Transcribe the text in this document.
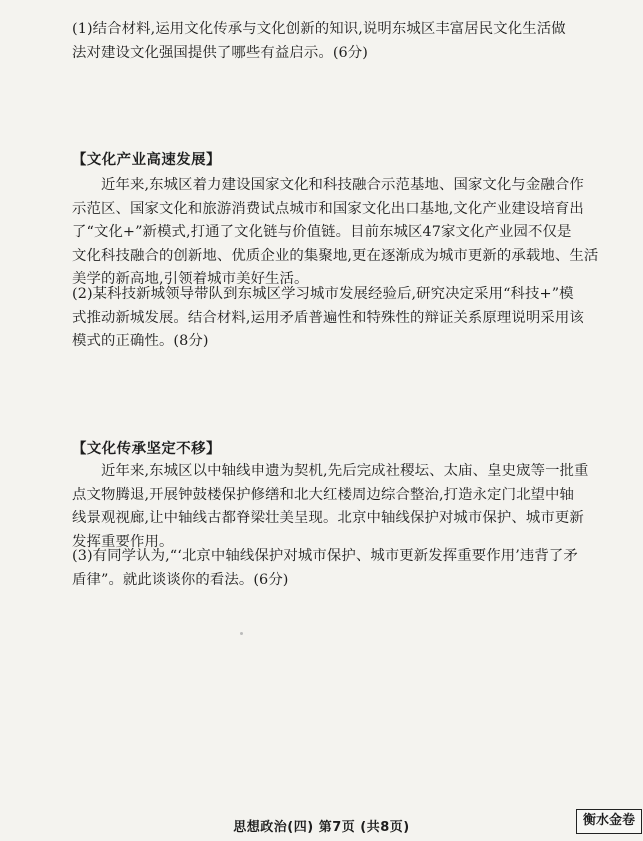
(1)结合材料,运用文化传承与文化创新的知识,说明东城区丰富居民文化生活做
法对建设文化强国提供了哪些有益启示。(6分)
【文化产业高速发展】
近年来,东城区着力建设国家文化和科技融合示范基地、国家文化与金融合作
示范区、国家文化和旅游消费试点城市和国家文化出口基地,文化产业建设培育出
了“文化+”新模式,打通了文化链与价值链。目前东城区47家文化产业园不仅是
文化科技融合的创新地、优质企业的集聚地,更在逐渐成为城市更新的承载地、生活
美学的新高地,引领着城市美好生活。
(2)某科技新城领导带队到东城区学习城市发展经验后,研究决定采用“科技+”模
式推动新城发展。结合材料,运用矛盾普遍性和特殊性的辩证关系原理说明采用该
模式的正确性。(8分)
【文化传承坚定不移】
近年来,东城区以中轴线申遗为契机,先后完成社稷坛、太庙、皇史宬等一批重
点文物腾退,开展钟鼓楼保护修缮和北大红楼周边综合整治,打造永定门北望中轴
线景观视廊,让中轴线古都脊梁壮美呈现。北京中轴线保护对城市保护、城市更新
发挥重要作用。
(3)有同学认为,“‘北京中轴线保护对城市保护、城市更新发挥重要作用’违背了矛
盾律”。就此谈谈你的看法。(6分)
思想政治(四) 第7页 (共8页)	衡水金卷
